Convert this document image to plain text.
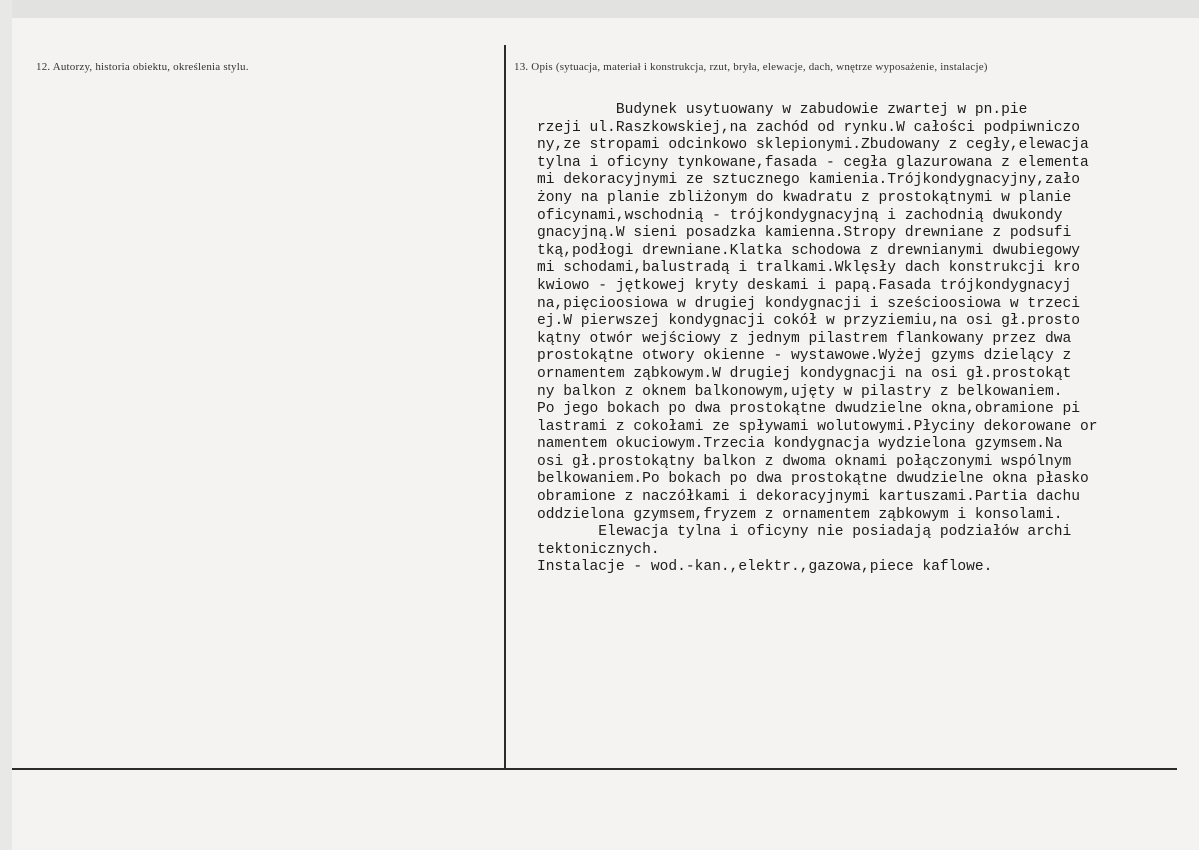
12. Autorzy, historia obiektu, określenia stylu.	13. Opis (sytuacja, materiał i konstrukcja, rzut, bryła, elewacje, dach, wnętrze wyposażenie, instalacje)
Budynek usytuowany w zabudowie zwartej w pn.pie
rzeji ul.Raszkowskiej,na zachód od rynku.W całości podpiwniczo
ny,ze stropami odcinkowo sklepionymi.Zbudowany z cegły,elewacja
tylna i oficyny tynkowane,fasada - cegła glazurowana z elementa
mi dekoracyjnymi ze sztucznego kamienia.Trójkondygnacyjny,zało
żony na planie zbliżonym do kwadratu z prostokątnymi w planie
oficynami,wschodnią - trójkondygnacyjną i zachodnią dwukondy
gnacyjną.W sieni posadzka kamienna.Stropy drewniane z podsufi
tką,podłogi drewniane.Klatka schodowa z drewnianymi dwubiegowy
mi schodami,balustradą i tralkami.Wklęsły dach konstrukcji kro
kwiowo - jętkowej kryty deskami i papą.Fasada trójkondygnacyj
na,pięcioosiowa w drugiej kondygnacji i sześcioosiowa w trzeci
ej.W pierwszej kondygnacji cokół w przyziemiu,na osi gł.prosto
kątny otwór wejściowy z jednym pilastrem flankowany przez dwa
prostokątne otwory okienne - wystawowe.Wyżej gzyms dzielący z
ornamentem ząbkowym.W drugiej kondygnacji na osi gł.prostokąt
ny balkon z oknem balkonowym,ujęty w pilastry z belkowaniem.
Po jego bokach po dwa prostokątne dwudzielne okna,obramione pi
lastrami z cokołami ze spływami wolutowymi.Płyciny dekorowane or
namentem okuciowym.Trzecia kondygnacja wydzielona gzymsem.Na
osi gł.prostokątny balkon z dwoma oknami połączonymi wspólnym
belkowaniem.Po bokach po dwa prostokątne dwudzielne okna płasko
obramione z naczółkami i dekoracyjnymi kartuszami.Partia dachu
oddzielona gzymsem,fryzem z ornamentem ząbkowym i konsolami.
Elewacja tylna i oficyny nie posiadają podziałów archi
tektonicznych.
Instalacje - wod.-kan.,elektr.,gazowa,piece kaflowe.
